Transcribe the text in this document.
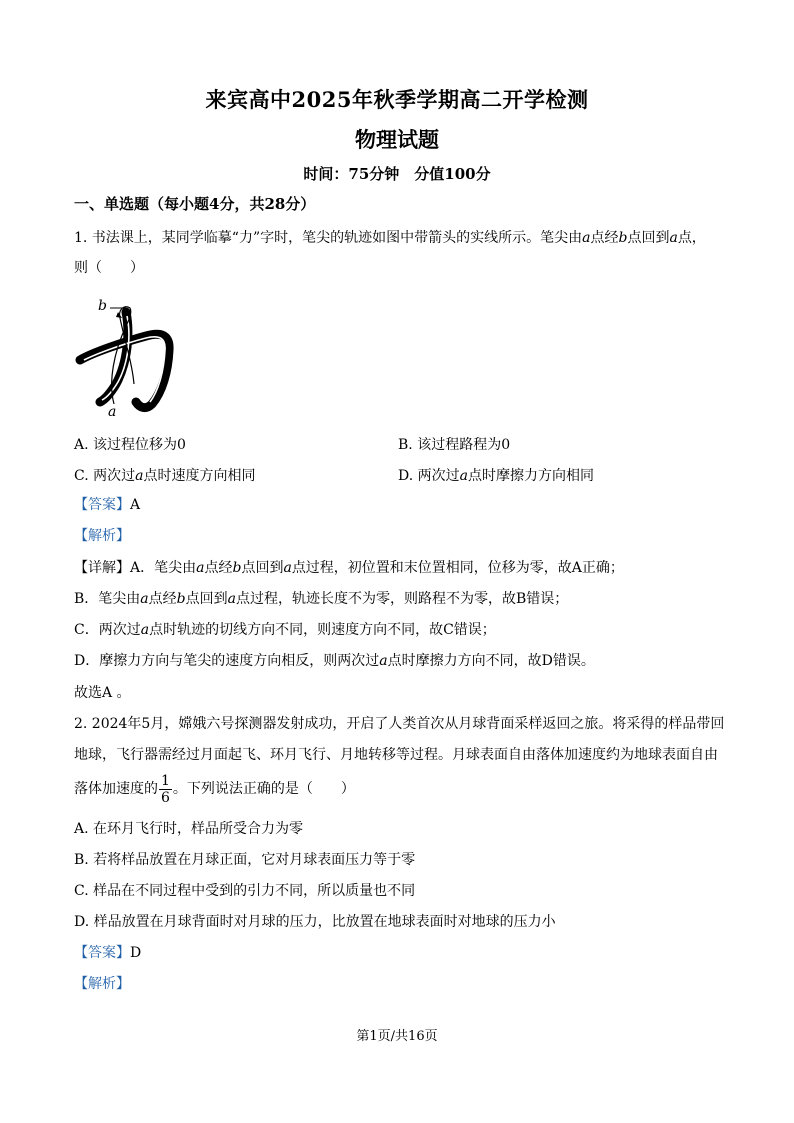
来宾高中2025年秋季学期高二开学检测
物理试题
时间：75分钟　分值100分
一、单选题（每小题4分，共28分）
1. 书法课上，某同学临摹“力”字时，笔尖的轨迹如图中带箭头的实线所示。笔尖由a点经b点回到a点，
则（　　）
b
a
A. 该过程位移为0	B. 该过程路程为0
C. 两次过a点时速度方向相同	D. 两次过a点时摩擦力方向相同
【答案】A
【解析】
【详解】A．笔尖由a点经b点回到a点过程，初位置和末位置相同，位移为零，故A正确；
B．笔尖由a点经b点回到a点过程，轨迹长度不为零，则路程不为零，故B错误；
C．两次过a点时轨迹的切线方向不同，则速度方向不同，故C错误；
D．摩擦力方向与笔尖的速度方向相反，则两次过a点时摩擦力方向不同，故D错误。
故选A 。
2. 2024年5月，嫦娥六号探测器发射成功，开启了人类首次从月球背面采样返回之旅。将采得的样品带回
地球，飞行器需经过月面起飞、环月飞行、月地转移等过程。月球表面自由落体加速度约为地球表面自由
落体加速度的 $\frac{1}{6}$ 。下列说法正确的是（　　）
A. 在环月飞行时，样品所受合力为零
B. 若将样品放置在月球正面，它对月球表面压力等于零
C. 样品在不同过程中受到的引力不同，所以质量也不同
D. 样品放置在月球背面时对月球的压力，比放置在地球表面时对地球的压力小
【答案】D
【解析】
第1页/共16页
